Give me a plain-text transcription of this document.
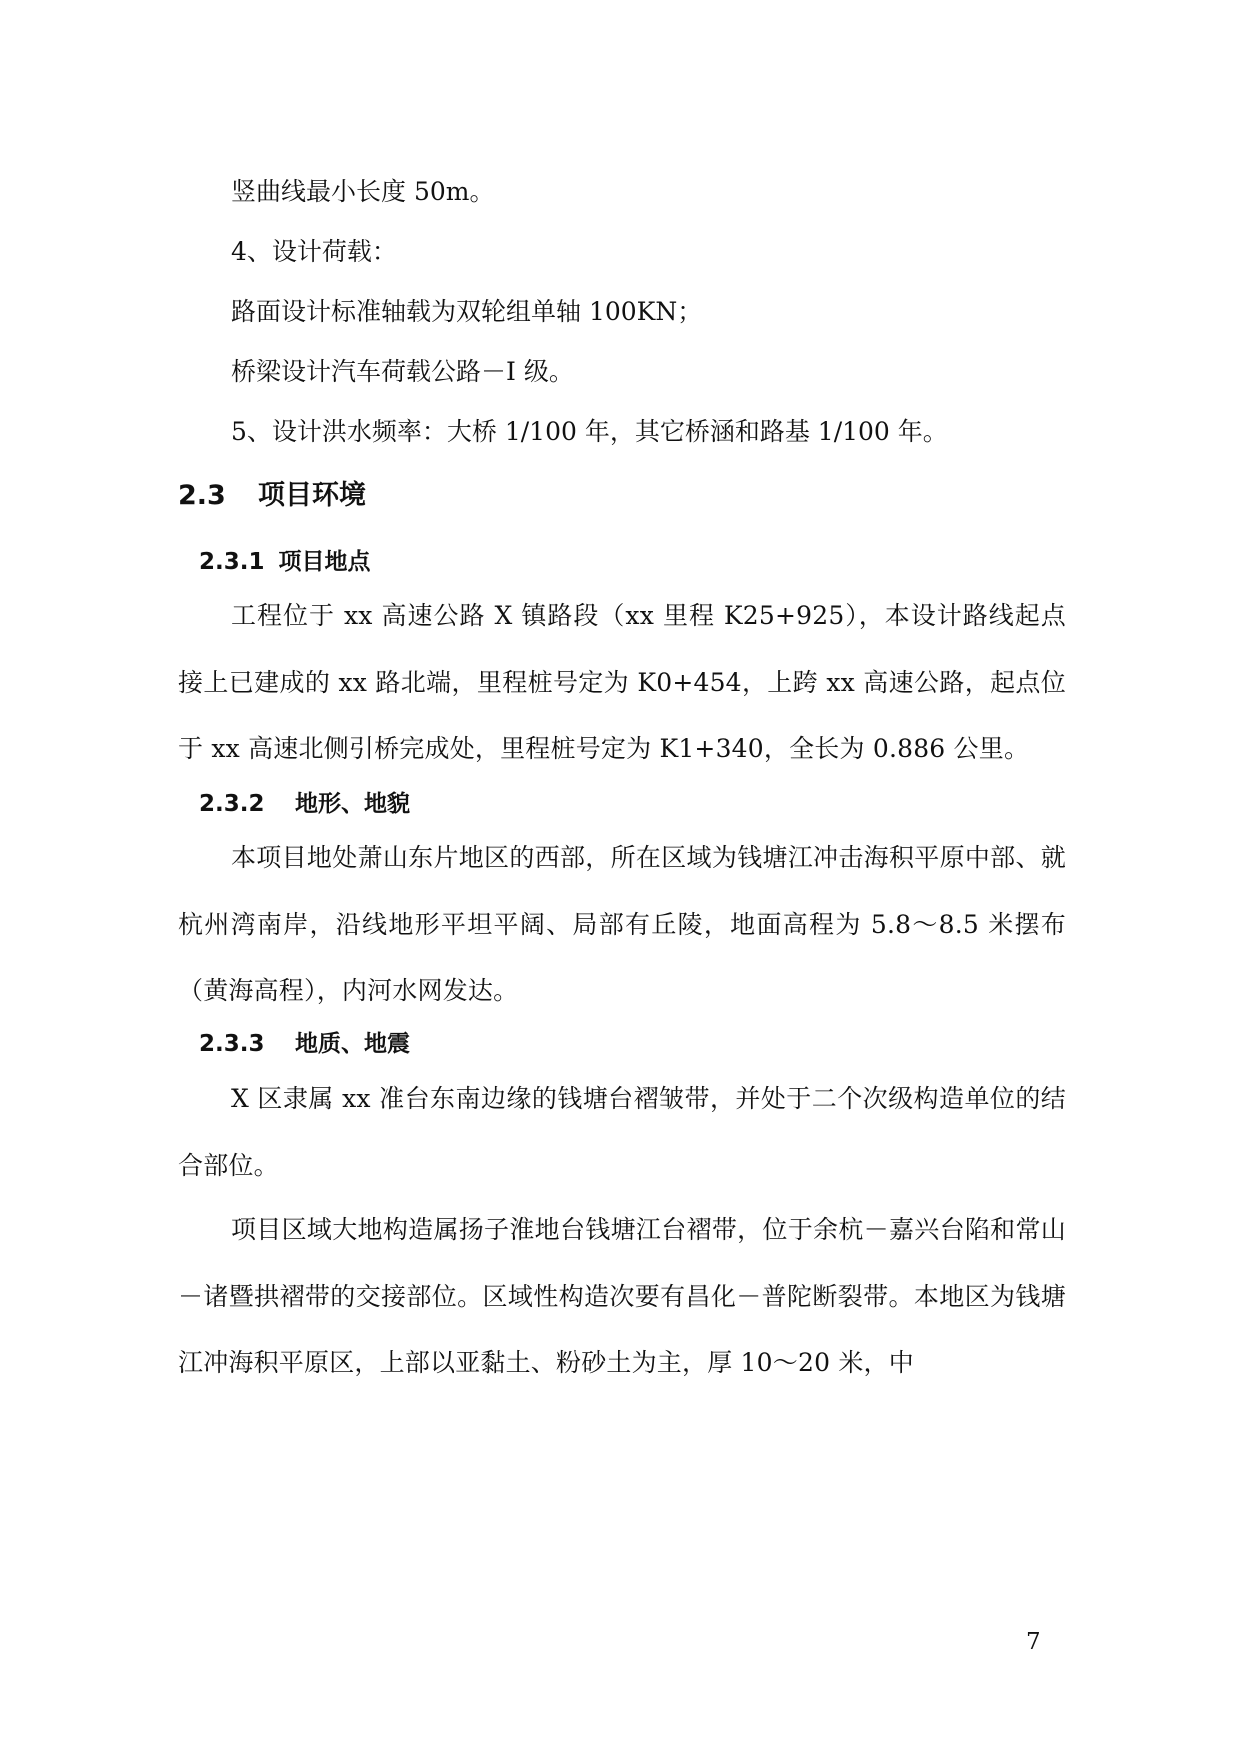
竖曲线最小长度 50m。
4、设计荷载：
路面设计标准轴载为双轮组单轴 100KN；
桥梁设计汽车荷载公路－I 级。
5、设计洪水频率：大桥 1/100 年，其它桥涵和路基 1/100 年。
2.3 项目环境
2.3.1 项目地点
工程位于 xx 高速公路 X 镇路段（xx 里程 K25+925），本设计路线起点接上已建成的 xx 路北端，里程桩号定为 K0+454，上跨 xx 高速公路，起点位于 xx 高速北侧引桥完成处，里程桩号定为 K1+340，全长为 0.886 公里。
2.3.2 地形、地貌
本项目地处萧山东片地区的西部，所在区域为钱塘江冲击海积平原中部、就杭州湾南岸，沿线地形平坦平阔、局部有丘陵，地面高程为 5.8～8.5 米摆布（黄海高程），内河水网发达。
2.3.3 地质、地震
X 区隶属 xx 准台东南边缘的钱塘台褶皱带，并处于二个次级构造单位的结合部位。
项目区域大地构造属扬子淮地台钱塘江台褶带，位于余杭－嘉兴台陷和常山－诸暨拱褶带的交接部位。区域性构造次要有昌化－普陀断裂带。本地区为钱塘江冲海积平原区，上部以亚黏土、粉砂土为主，厚 10～20 米，中
7
